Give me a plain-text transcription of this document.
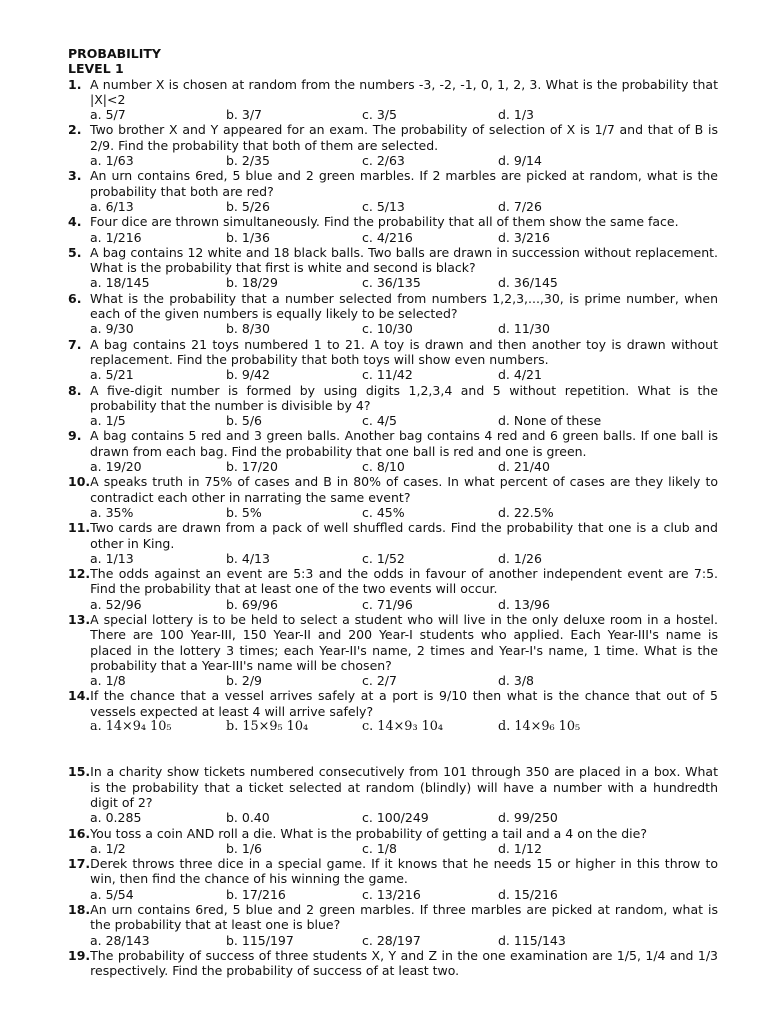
PROBABILITY
LEVEL 1
1. A number X is chosen at random from the numbers -3, -2, -1, 0, 1, 2, 3. What is the probability that |X|<2
a. 5/7	b. 3/7	c. 3/5	d. 1/3
2. Two brother X and Y appeared for an exam. The probability of selection of X is 1/7 and that of B is 2/9. Find the probability that both of them are selected.
a. 1/63	b. 2/35	c. 2/63	d. 9/14
3. An urn contains 6red, 5 blue and 2 green marbles. If 2 marbles are picked at random, what is the probability that both are red?
a. 6/13	b. 5/26	c. 5/13	d. 7/26
4. Four dice are thrown simultaneously. Find the probability that all of them show the same face.
a. 1/216	b. 1/36	c. 4/216	d. 3/216
5. A bag contains 12 white and 18 black balls. Two balls are drawn in succession without replacement. What is the probability that first is white and second is black?
a. 18/145	b. 18/29	c. 36/135	d. 36/145
6. What is the probability that a number selected from numbers 1,2,3,...,30, is prime number, when each of the given numbers is equally likely to be selected?
a. 9/30	b. 8/30	c. 10/30	d. 11/30
7. A bag contains 21 toys numbered 1 to 21. A toy is drawn and then another toy is drawn without replacement. Find the probability that both toys will show even numbers.
a. 5/21	b. 9/42	c. 11/42	d. 4/21
8. A five-digit number is formed by using digits 1,2,3,4 and 5 without repetition. What is the probability that the number is divisible by 4?
a. 1/5	b. 5/6	c. 4/5	d. None of these
9. A bag contains 5 red and 3 green balls. Another bag contains 4 red and 6 green balls. If one ball is drawn from each bag. Find the probability that one ball is red and one is green.
a. 19/20	b. 17/20	c. 8/10	d. 21/40
10. A speaks truth in 75% of cases and B in 80% of cases. In what percent of cases are they likely to contradict each other in narrating the same event?
a. 35%	b. 5%	c. 45%	d. 22.5%
11. Two cards are drawn from a pack of well shuffled cards. Find the probability that one is a club and other in King.
a. 1/13	b. 4/13	c. 1/52	d. 1/26
12. The odds against an event are 5:3 and the odds in favour of another independent event are 7:5. Find the probability that at least one of the two events will occur.
a. 52/96	b. 69/96	c. 71/96	d. 13/96
13. A special lottery is to be held to select a student who will live in the only deluxe room in a hostel. There are 100 Year-III, 150 Year-II and 200 Year-I students who applied. Each Year-III's name is placed in the lottery 3 times; each Year-II's name, 2 times and Year-I's name, 1 time. What is the probability that a Year-III's name will be chosen?
a. 1/8	b. 2/9	c. 2/7	d. 3/8
14. If the chance that a vessel arrives safely at a port is 9/10 then what is the chance that out of 5 vessels expected at least 4 will arrive safely?
a. 14×9₄ 10₅	b. 15×9₅ 10₄	c. 14×9₃ 10₄	d. 14×9₆ 10₅
15. In a charity show tickets numbered consecutively from 101 through 350 are placed in a box. What is the probability that a ticket selected at random (blindly) will have a number with a hundredth digit of 2?
a. 0.285	b. 0.40	c. 100/249	d. 99/250
16. You toss a coin AND roll a die. What is the probability of getting a tail and a 4 on the die?
a. 1/2	b. 1/6	c. 1/8	d. 1/12
17. Derek throws three dice in a special game. If it knows that he needs 15 or higher in this throw to win, then find the chance of his winning the game.
a. 5/54	b. 17/216	c. 13/216	d. 15/216
18. An urn contains 6red, 5 blue and 2 green marbles. If three marbles are picked at random, what is the probability that at least one is blue?
a. 28/143	b. 115/197	c. 28/197	d. 115/143
19. The probability of success of three students X, Y and Z in the one examination are 1/5, 1/4 and 1/3 respectively. Find the probability of success of at least two.
